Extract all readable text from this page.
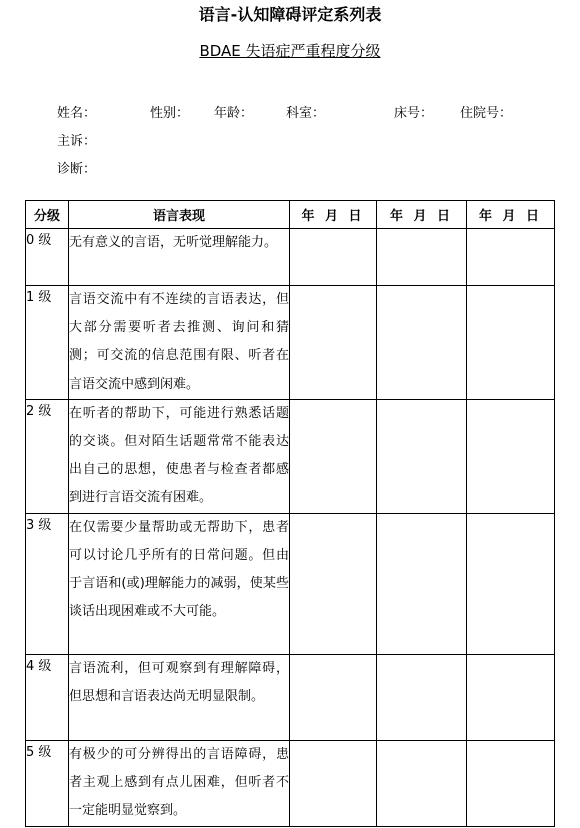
语言-认知障碍评定系列表
BDAE 失语症严重程度分级
姓名：	性别： 年龄：	科室：	床号： 住院号：
主诉：
诊断：
分级	语言表现	年 月 日	年 月 日	年 月 日
0 级	无有意义的言语，无听觉理解能力。			
1 级	言语交流中有不连续的言语表达，但大部分需要听者去推测、询问和猜测；可交流的信息范围有限、听者在言语交流中感到闲难。			
2 级	在听者的帮助下，可能进行熟悉话题的交谈。但对陌生话题常常不能表达出自己的思想，使患者与检查者都感到进行言语交流有困难。			
3 级	在仅需要少量帮助或无帮助下，患者可以讨论几乎所有的日常问题。但由于言语和(或)理解能力的减弱，使某些谈话出现困难或不大可能。			
4 级	言语流利，但可观察到有理解障碍，但思想和言语表达尚无明显限制。			
5 级	有极少的可分辨得出的言语障碍，患者主观上感到有点儿困难，但听者不一定能明显觉察到。			
